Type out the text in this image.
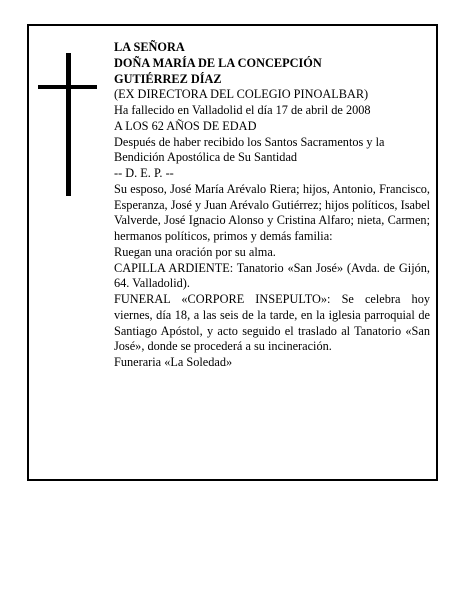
LA SEÑORA
DOÑA MARÍA DE LA CONCEPCIÓN
GUTIÉRREZ DÍAZ
(EX DIRECTORA DEL COLEGIO PINOALBAR)
Ha fallecido en Valladolid el día 17 de abril de 2008
A LOS 62 AÑOS DE EDAD
Después de haber recibido los Santos Sacramentos y la Bendición Apostólica de Su Santidad
-- D. E. P. --
Su esposo, José María Arévalo Riera; hijos, Antonio, Francisco, Esperanza, José y Juan Arévalo Gutiérrez; hijos políticos, Isabel Valverde, José Ignacio Alonso y Cristina Alfaro; nieta, Carmen; hermanos políticos, primos y demás familia:
Ruegan una oración por su alma.
CAPILLA ARDIENTE: Tanatorio «San José» (Avda. de Gijón, 64. Valladolid).
FUNERAL «CORPORE INSEPULTO»: Se celebra hoy viernes, día 18, a las seis de la tarde, en la iglesia parroquial de Santiago Apóstol, y acto seguido el traslado al Tanatorio «San José», donde se procederá a su incineración.
Funeraria «La Soledad»
